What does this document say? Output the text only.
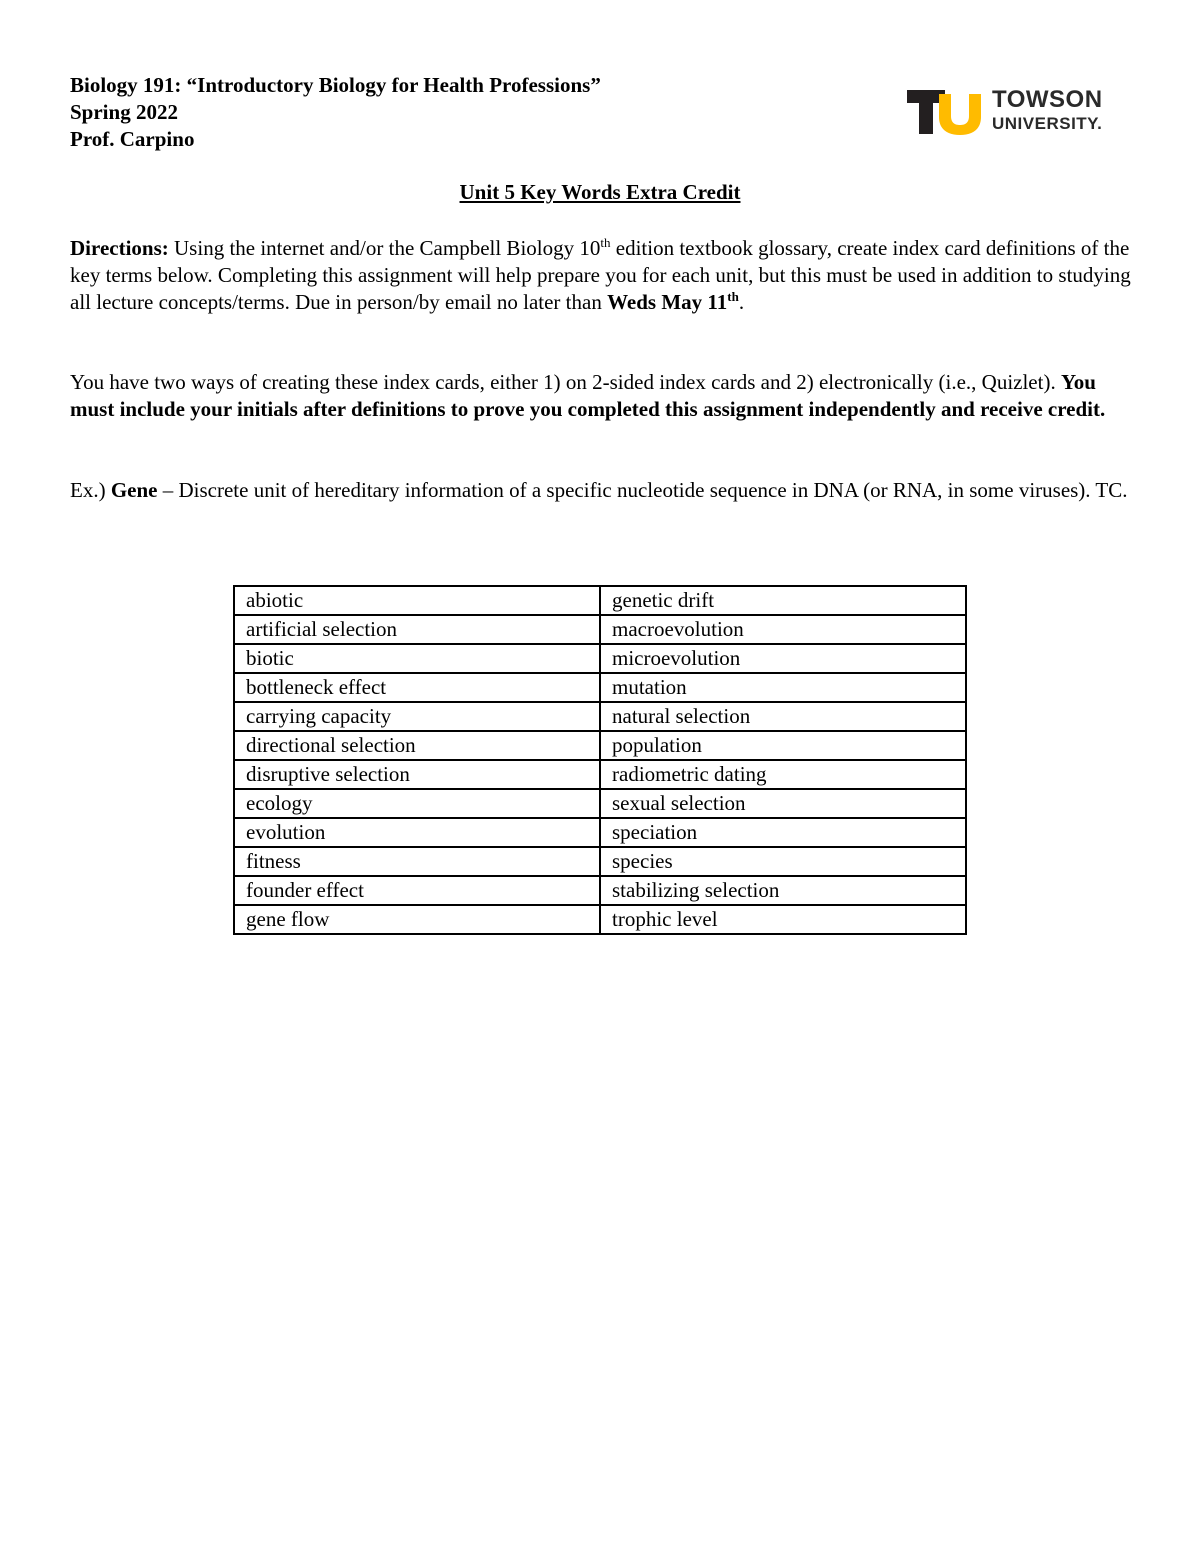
Biology 191: “Introductory Biology for Health Professions”
Spring 2022
Prof. Carpino
TOWSON
UNIVERSITY.
Unit 5 Key Words Extra Credit
Directions: Using the internet and/or the Campbell Biology 10th edition textbook glossary, create index card definitions of the key terms below. Completing this assignment will help prepare you for each unit, but this must be used in addition to studying all lecture concepts/terms. Due in person/by email no later than Weds May 11th.
You have two ways of creating these index cards, either 1) on 2-sided index cards and 2) electronically (i.e., Quizlet). You must include your initials after definitions to prove you completed this assignment independently and receive credit.
Ex.) Gene – Discrete unit of hereditary information of a specific nucleotide sequence in DNA (or RNA, in some viruses). TC.
abiotic	genetic drift
artificial selection	macroevolution
biotic	microevolution
bottleneck effect	mutation
carrying capacity	natural selection
directional selection	population
disruptive selection	radiometric dating
ecology	sexual selection
evolution	speciation
fitness	species
founder effect	stabilizing selection
gene flow	trophic level
